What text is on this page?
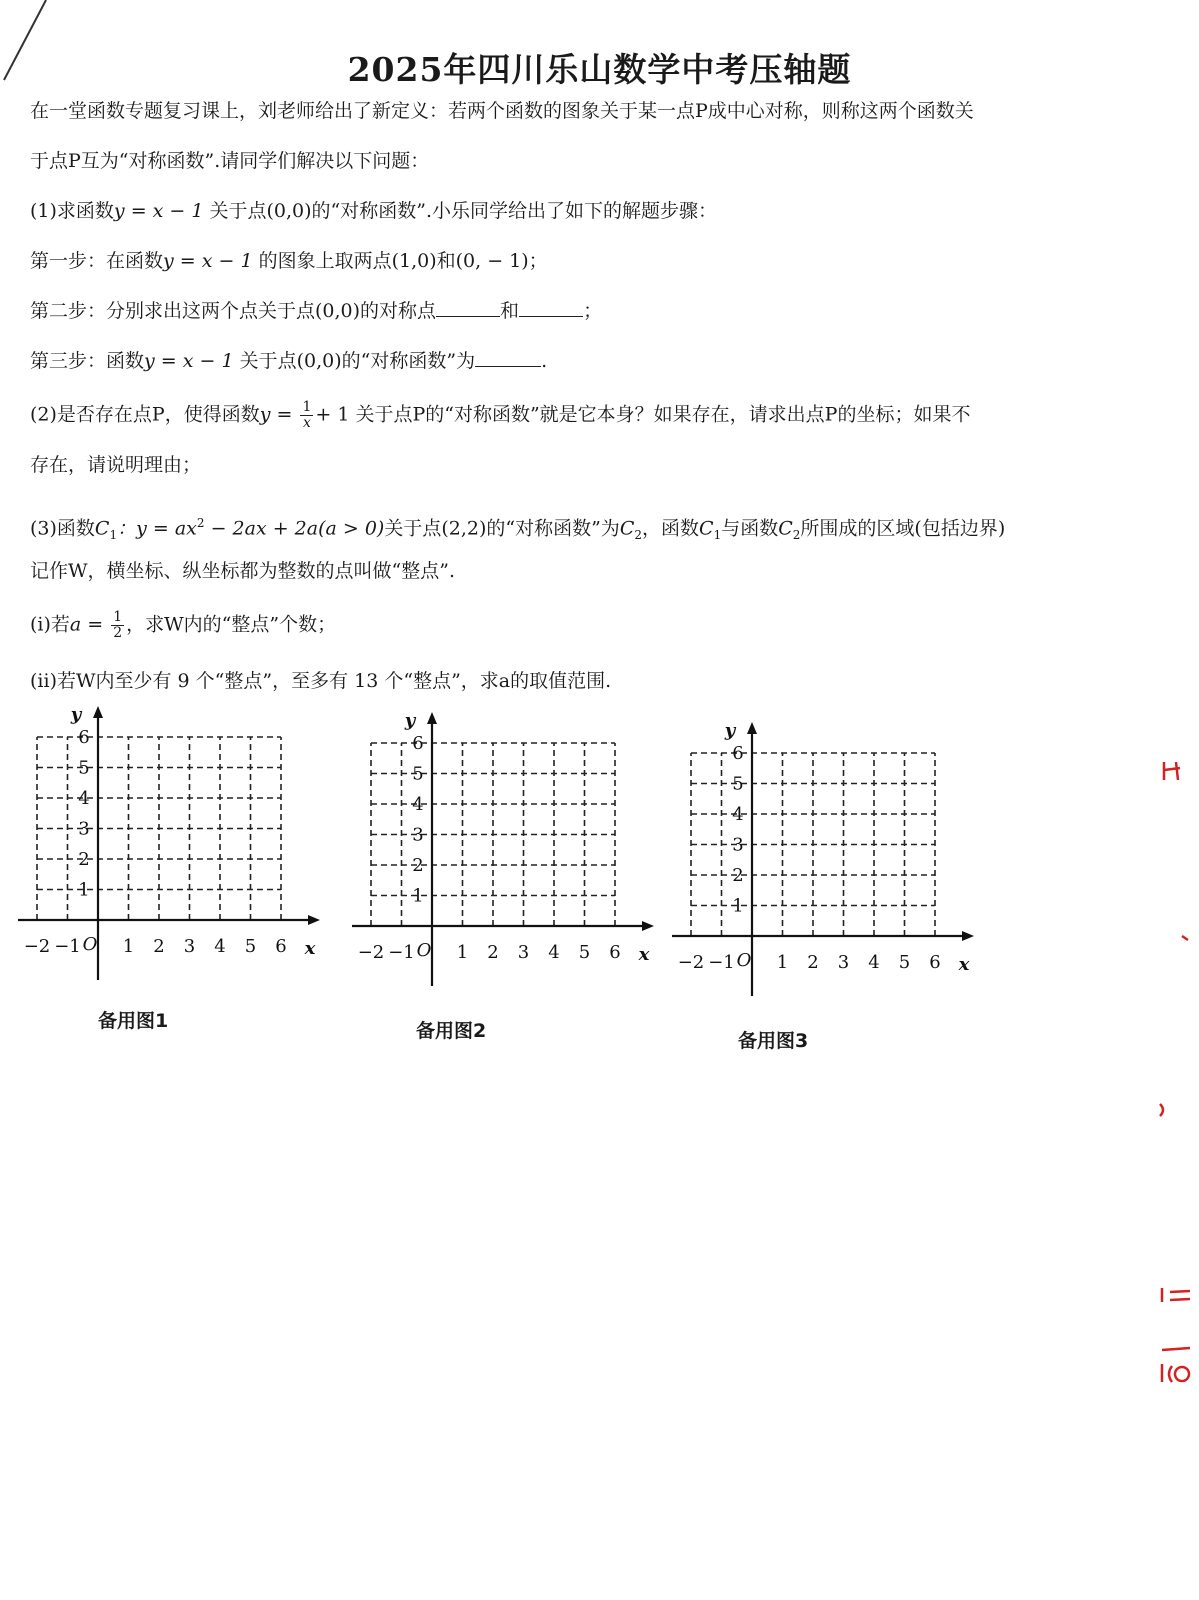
2025年四川乐山数学中考压轴题
在一堂函数专题复习课上，刘老师给出了新定义：若两个函数的图象关于某一点P成中心对称，则称这两个函数关
于点P互为“对称函数”.请同学们解决以下问题：
(1)求函数y = x − 1 关于点(0,0)的“对称函数”.小乐同学给出了如下的解题步骤：
第一步：在函数y = x − 1 的图象上取两点(1,0)和(0, − 1)；
第二步：分别求出这两个点关于点(0,0)的对称点	和	；
第三步：函数y = x − 1 关于点(0,0)的“对称函数”为	.
(2)是否存在点P，使得函数$y = \frac{1}{x} + 1$ 关于点P的“对称函数”就是它本身？如果存在，请求出点P的坐标；如果不
存在，请说明理由；
(3)函数$C_1$：$y = ax^2 - 2ax + 2a(a > 0)$关于点(2,2)的“对称函数”为$C_2$，函数$C_1$与函数$C_2$所围成的区域(包括边界)
记作W，横坐标、纵坐标都为整数的点叫做“整点”.
(i)若$a = \frac{1}{2}$ ，求W内的“整点”个数；
(ii)若W内至少有 9 个“整点”，至多有 13 个“整点”，求a的取值范围.
−2 −1 1 2 3 4 5 6
1
2
3
4
5
6
O	x
y
−2 −1 1 2 3 4 5 6
1
2
3
4
5
6
O	x
y
−2 −1 1 2 3 4 5 6
1
2
3
4
5
6
O	x
y
备用图1	备用图2	备用图3
